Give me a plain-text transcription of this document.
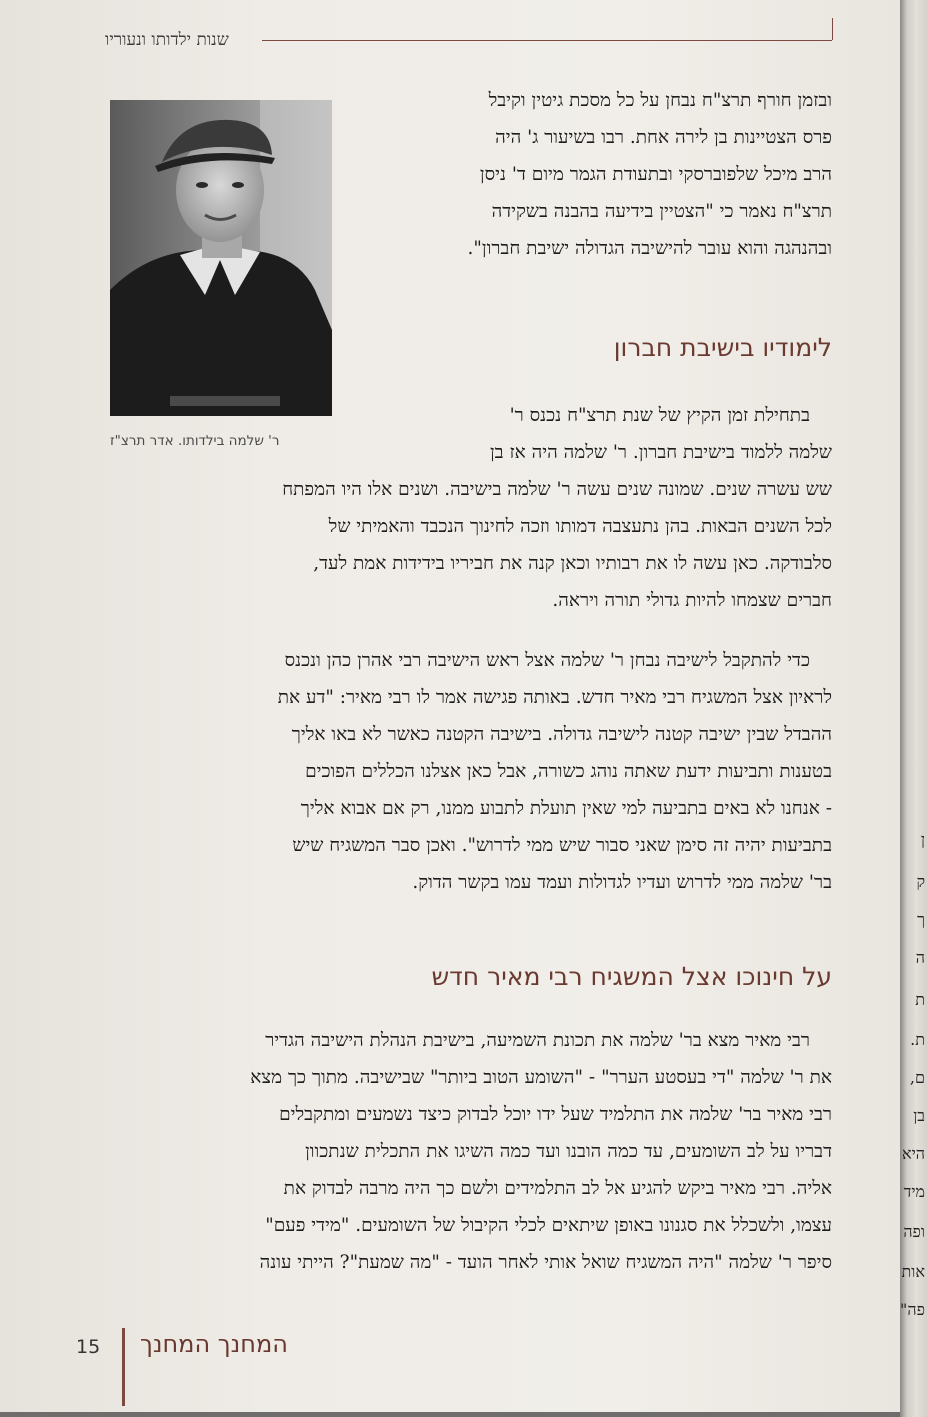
שנות ילדותו ונעוריו
ר' שלמה בילדותו. אדר תרצ"ז
ובזמן חורף תרצ"ח נבחן על כל מסכת גיטין וקיבל
פרס הצטיינות בן לירה אחת. רבו בשיעור ג' היה
הרב מיכל שלפוברסקי ובתעודת הגמר מיום ד' ניסן
תרצ"ח נאמר כי "הצטיין בידיעה בהבנה בשקידה
ובהנהגה והוא עובר להישיבה הגדולה ישיבת חברון".
לימודיו בישיבת חברון
בתחילת זמן הקיץ של שנת תרצ"ח נכנס ר'
שלמה ללמוד בישיבת חברון. ר' שלמה היה אז בן
שש עשרה שנים. שמונה שנים עשה ר' שלמה בישיבה. ושנים אלו היו המפתח
לכל השנים הבאות. בהן נתעצבה דמותו וזכה לחינוך הנכבד והאמיתי של
סלבודקה. כאן עשה לו את רבותיו וכאן קנה את חביריו בידידות אמת לעד,
חברים שצמחו להיות גדולי תורה ויראה.
כדי להתקבל לישיבה נבחן ר' שלמה אצל ראש הישיבה רבי אהרן כהן ונכנס
לראיון אצל המשגיח רבי מאיר חדש. באותה פגישה אמר לו רבי מאיר: "דע את
ההבדל שבין ישיבה קטנה לישיבה גדולה. בישיבה הקטנה כאשר לא באו אליך
בטענות ותביעות ידעת שאתה נוהג כשורה, אבל כאן אצלנו הכללים הפוכים
- אנחנו לא באים בתביעה למי שאין תועלת לתבוע ממנו, רק אם אבוא אליך
בתביעות יהיה זה סימן שאני סבור שיש ממי לדרוש". ואכן סבר המשגיח שיש
בר' שלמה ממי לדרוש ועדיו לגדולות ועמד עמו בקשר הדוק.
על חינוכו אצל המשגיח רבי מאיר חדש
רבי מאיר מצא בר' שלמה את תכונת השמיעה, בישיבת הנהלת הישיבה הגדיר
את ר' שלמה "די בעסטע הערר" - "השומע הטוב ביותר" שבישיבה. מתוך כך מצא
רבי מאיר בר' שלמה את התלמיד שעל ידו יוכל לבדוק כיצד נשמעים ומתקבלים
דבריו על לב השומעים, עד כמה הובנו ועד כמה השיגו את התכלית שנתכוון
אליה. רבי מאיר ביקש להגיע אל לב התלמידים ולשם כך היה מרבה לבדוק את
עצמו, ולשכלל את סגנונו באופן שיתאים לכלי הקיבול של השומעים. "מידי פעם"
סיפר ר' שלמה "היה המשגיח שואל אותי לאחר הועד - "מה שמעת"? הייתי עונה
15 המחנך המחנך
ן
ק
ך
ה
ת
ת.
ם,
בן
היא
מיד
ופה
אות
פה"
